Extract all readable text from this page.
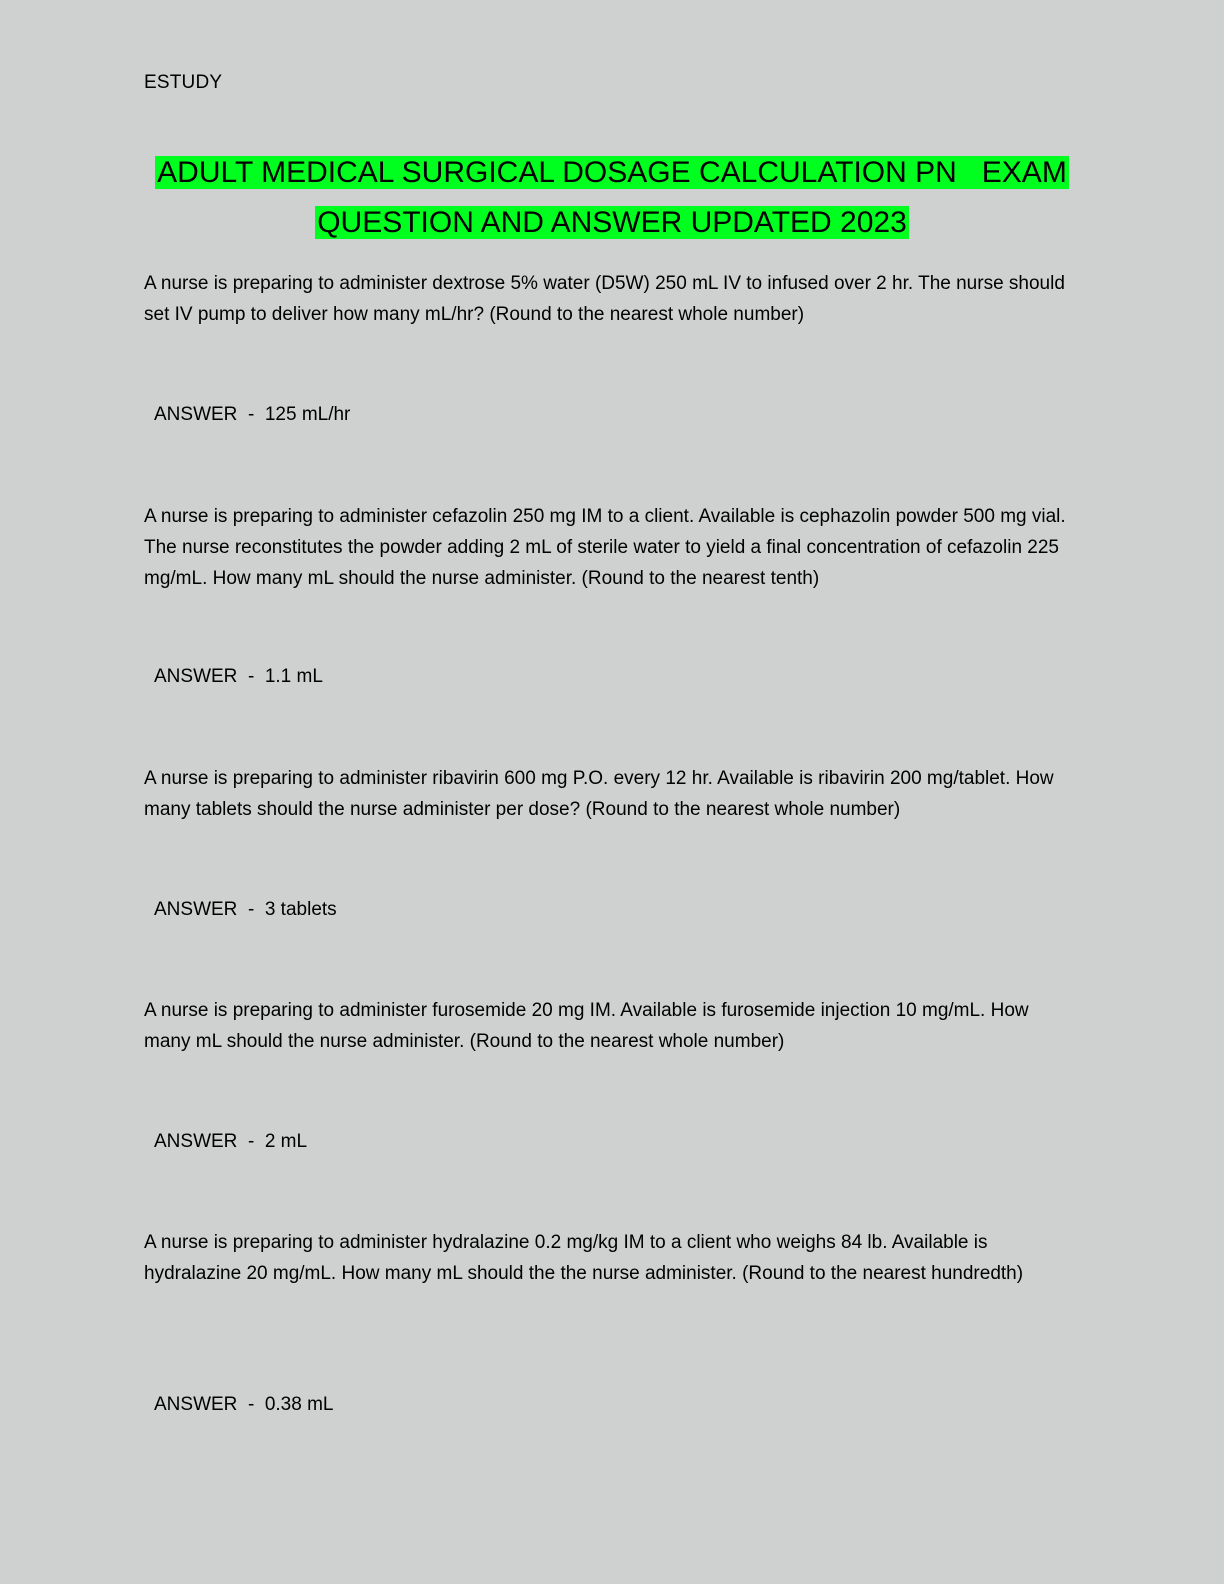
ESTUDY
ADULT MEDICAL SURGICAL DOSAGE CALCULATION PN   EXAM
QUESTION AND ANSWER UPDATED 2023

A nurse is preparing to administer dextrose 5% water (D5W) 250 mL IV to infused over 2 hr. The nurse should set IV pump to deliver how many mL/hr? (Round to the nearest whole number)

ANSWER  -  125 mL/hr

A nurse is preparing to administer cefazolin 250 mg IM to a client. Available is cephazolin powder 500 mg vial. The nurse reconstitutes the powder adding 2 mL of sterile water to yield a final concentration of cefazolin 225 mg/mL. How many mL should the nurse administer. (Round to the nearest tenth)

ANSWER  -  1.1 mL

A nurse is preparing to administer ribavirin 600 mg P.O. every 12 hr. Available is ribavirin 200 mg/tablet. How many tablets should the nurse administer per dose? (Round to the nearest whole number)

ANSWER  -  3 tablets

A nurse is preparing to administer furosemide 20 mg IM. Available is furosemide injection 10 mg/mL. How many mL should the nurse administer. (Round to the nearest whole number)

ANSWER  -  2 mL

A nurse is preparing to administer hydralazine 0.2 mg/kg IM to a client who weighs 84 lb. Available is hydralazine 20 mg/mL. How many mL should the the nurse administer. (Round to the nearest hundredth)

ANSWER  -  0.38 mL
